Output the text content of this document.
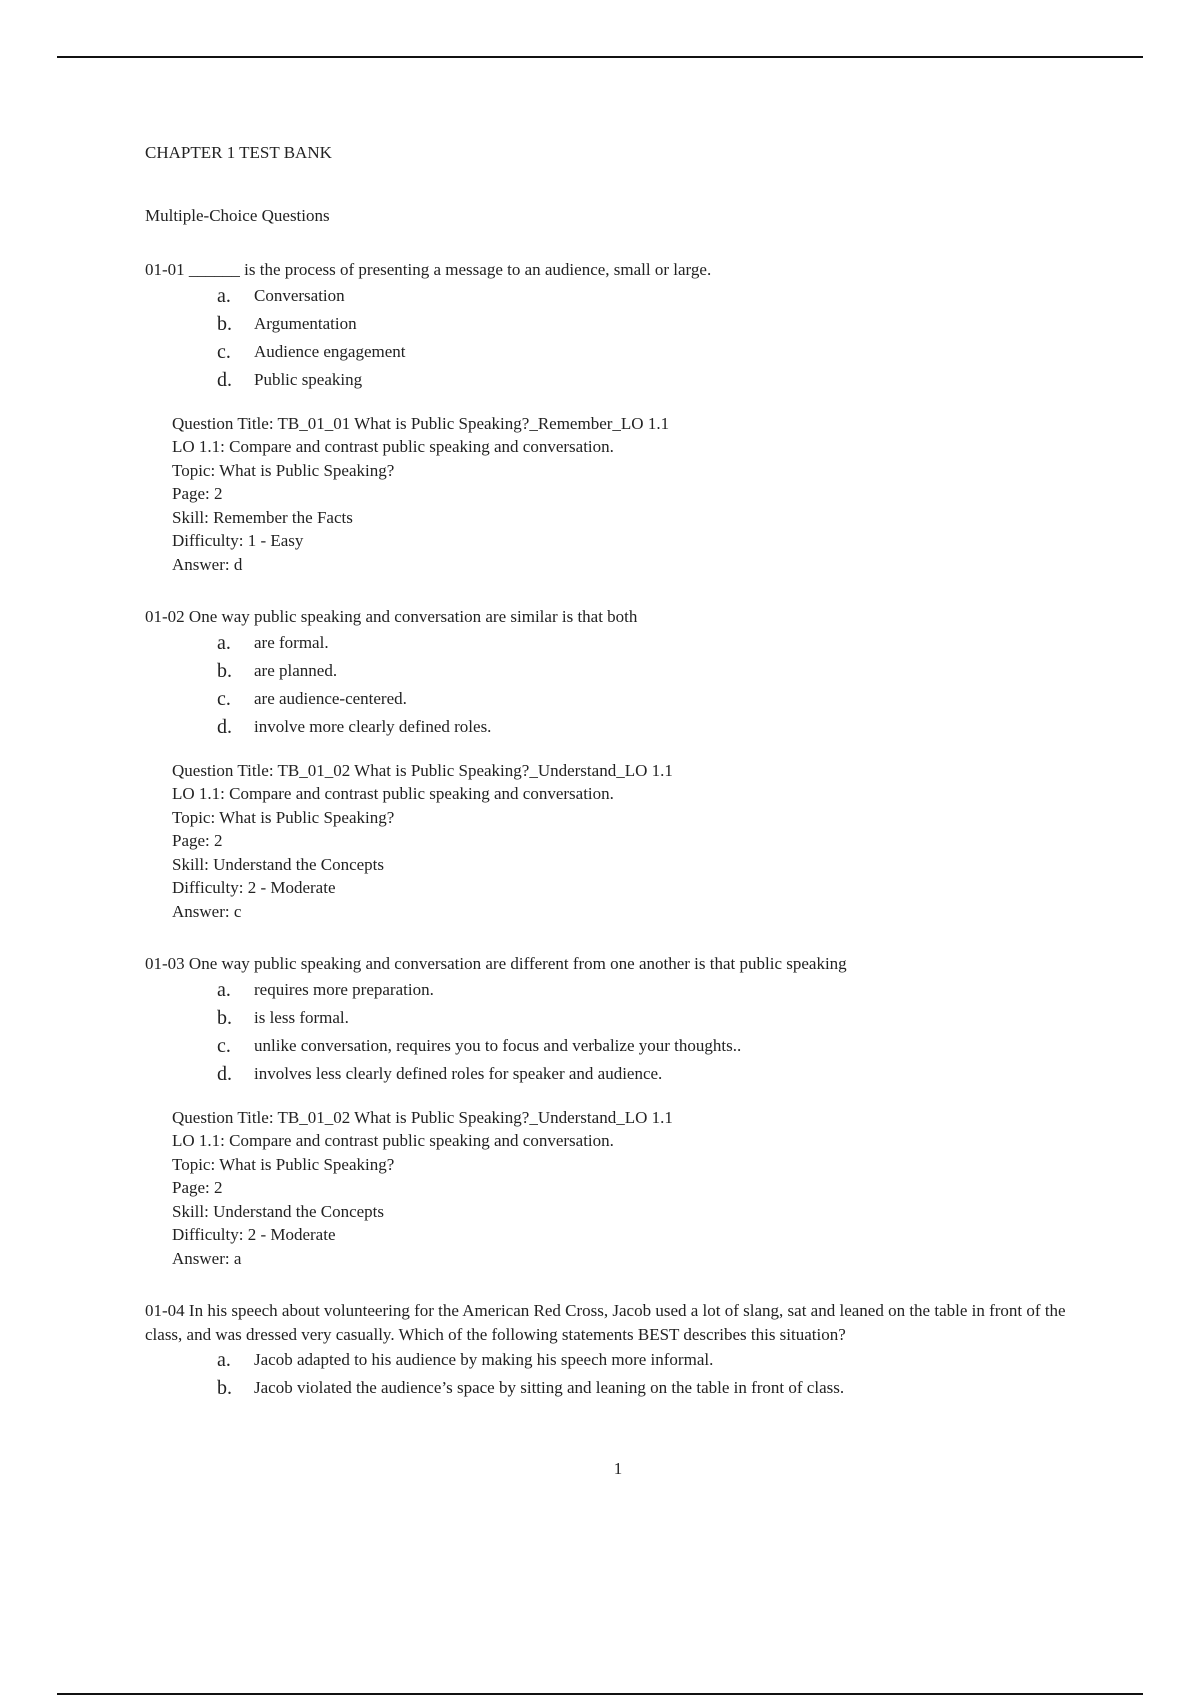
CHAPTER 1 TEST BANK
Multiple-Choice Questions
01-01 ______ is the process of presenting a message to an audience, small or large.
a. Conversation
b. Argumentation
c. Audience engagement
d. Public speaking
Question Title: TB_01_01 What is Public Speaking?_Remember_LO 1.1
LO 1.1: Compare and contrast public speaking and conversation.
Topic: What is Public Speaking?
Page: 2
Skill: Remember the Facts
Difficulty: 1 - Easy
Answer: d
01-02 One way public speaking and conversation are similar is that both
a. are formal.
b. are planned.
c. are audience-centered.
d. involve more clearly defined roles.
Question Title: TB_01_02 What is Public Speaking?_Understand_LO 1.1
LO 1.1: Compare and contrast public speaking and conversation.
Topic: What is Public Speaking?
Page: 2
Skill: Understand the Concepts
Difficulty: 2 - Moderate
Answer: c
01-03 One way public speaking and conversation are different from one another is that public speaking
a. requires more preparation.
b. is less formal.
c. unlike conversation, requires you to focus and verbalize your thoughts..
d. involves less clearly defined roles for speaker and audience.
Question Title: TB_01_02 What is Public Speaking?_Understand_LO 1.1
LO 1.1: Compare and contrast public speaking and conversation.
Topic: What is Public Speaking?
Page: 2
Skill: Understand the Concepts
Difficulty: 2 - Moderate
Answer: a
01-04 In his speech about volunteering for the American Red Cross, Jacob used a lot of slang, sat and leaned on the table in front of the class, and was dressed very casually. Which of the following statements BEST describes this situation?
a. Jacob adapted to his audience by making his speech more informal.
b. Jacob violated the audience’s space by sitting and leaning on the table in front of class.
1
